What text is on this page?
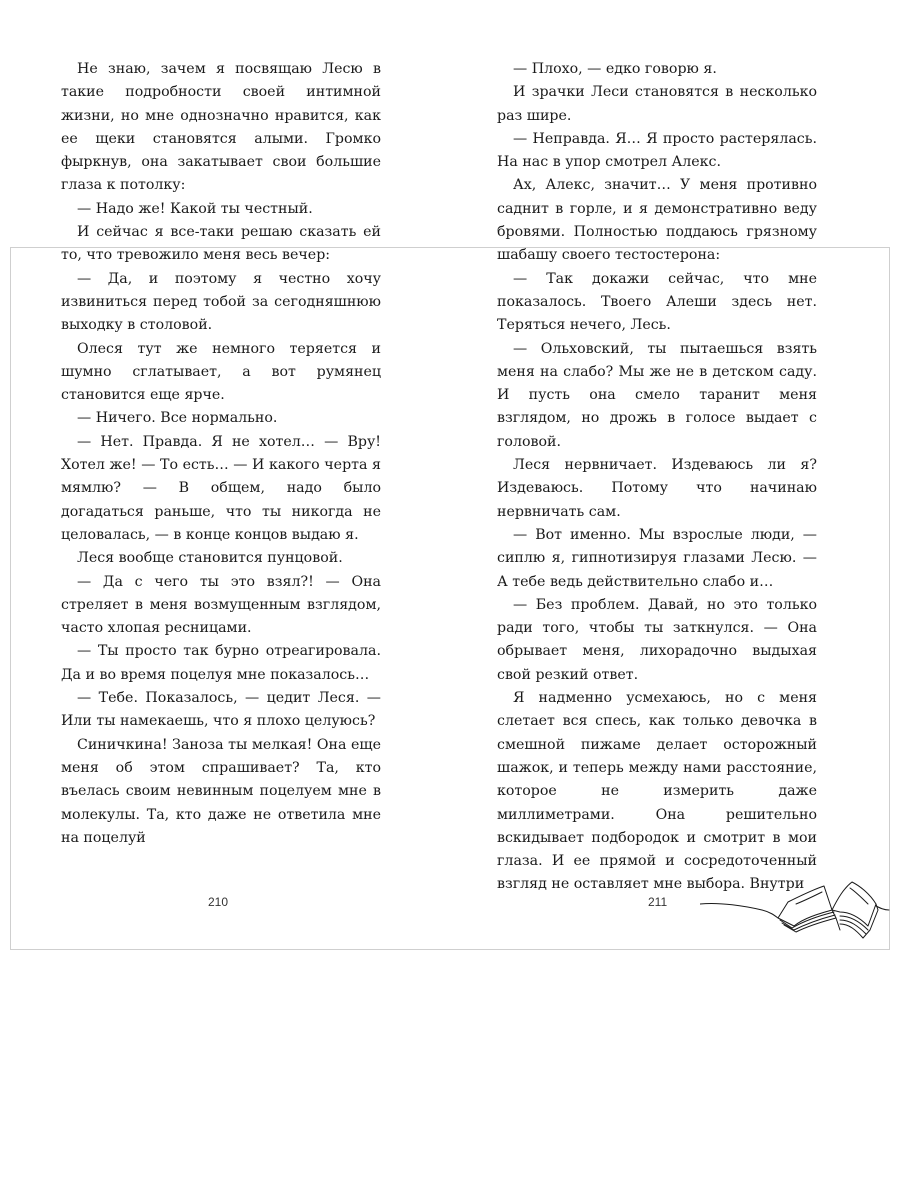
Не знаю, зачем я посвящаю Лесю в такие подробности своей интимной жизни, но мне однозначно нравится, как ее щеки становятся алыми. Громко фыркнув, она закатывает свои большие глаза к потолку:

— Надо же! Какой ты честный.

И сейчас я все-таки решаю сказать ей то, что тревожило меня весь вечер:

— Да, и поэтому я честно хочу извиниться перед тобой за сегодняшнюю выходку в столовой.

Олеся тут же немного теряется и шумно сглатывает, а вот румянец становится еще ярче.

— Ничего. Все нормально.

— Нет. Правда. Я не хотел… — Вру! Хотел же! — То есть… — И какого черта я мямлю? — В общем, надо было догадаться раньше, что ты никогда не целовалась, — в конце концов выдаю я.

Леся вообще становится пунцовой.

— Да с чего ты это взял?! — Она стреляет в меня возмущенным взглядом, часто хлопая ресницами.

— Ты просто так бурно отреагировала. Да и во время поцелуя мне показалось…

— Тебе. Показалось, — цедит Леся. — Или ты намекаешь, что я плохо целуюсь?

Синичкина! Заноза ты мелкая! Она еще меня об этом спрашивает? Та, кто въелась своим невинным поцелуем мне в молекулы. Та, кто даже не ответила мне на поцелуй

— Плохо, — едко говорю я.

И зрачки Леси становятся в несколько раз шире.

— Неправда. Я… Я просто растерялась. На нас в упор смотрел Алекс.

Ах, Алекс, значит… У меня противно саднит в горле, и я демонстративно веду бровями. Полностью поддаюсь грязному шабашу своего тестостерона:

— Так докажи сейчас, что мне показалось. Твоего Алеши здесь нет. Теряться нечего, Лесь.

— Ольховский, ты пытаешься взять меня на слабо? Мы же не в детском саду. И пусть она смело таранит меня взглядом, но дрожь в голосе выдает с головой.

Леся нервничает. Издеваюсь ли я? Издеваюсь. Потому что начинаю нервничать сам.

— Вот именно. Мы взрослые люди, — сиплю я, гипнотизируя глазами Лесю. — А тебе ведь действительно слабо и…

— Без проблем. Давай, но это только ради того, чтобы ты заткнулся. — Она обрывает меня, лихорадочно выдыхая свой резкий ответ.

Я надменно усмехаюсь, но с меня слетает вся спесь, как только девочка в смешной пижаме делает осторожный шажок, и теперь между нами расстояние, которое не измерить даже миллиметрами. Она решительно вскидывает подбородок и смотрит в мои глаза. И ее прямой и сосредоточенный взгляд не оставляет мне выбора. Внутри

210	211
